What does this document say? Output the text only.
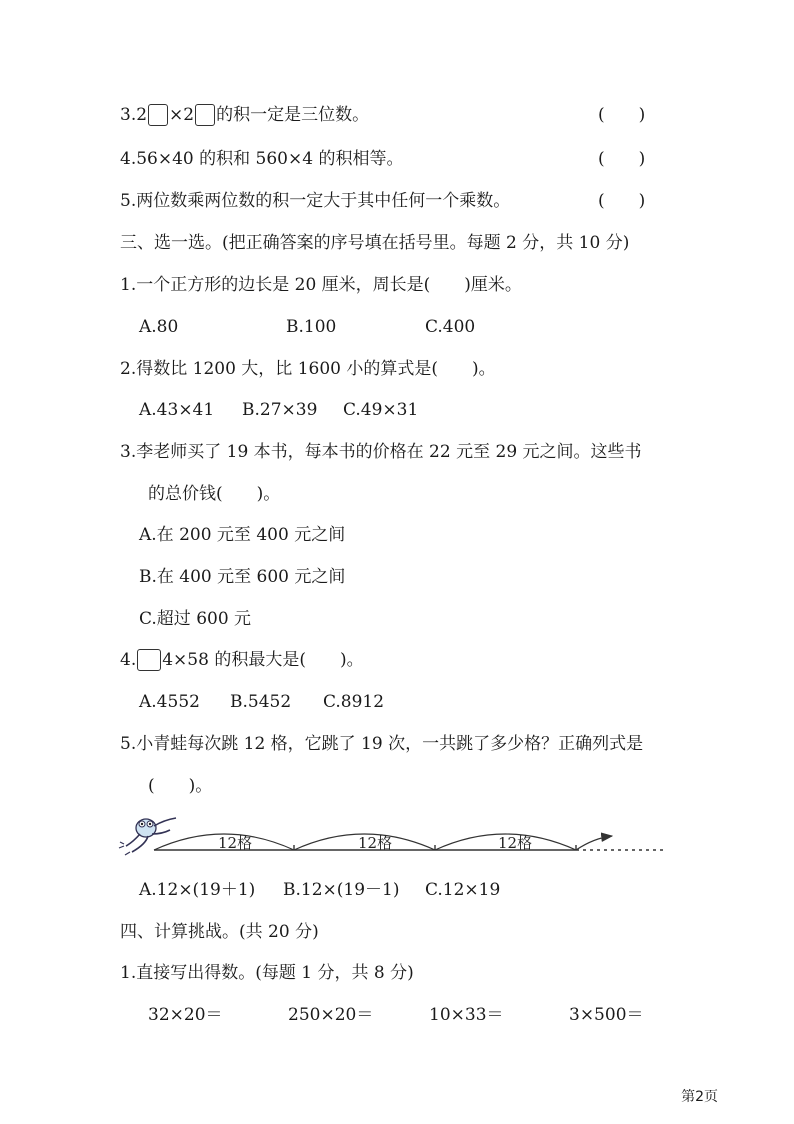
3.2 ×2 的积一定是三位数。	(　　)
4.56×40 的积和 560×4 的积相等。	(　　)
5.两位数乘两位数的积一定大于其中任何一个乘数。	(　　)
三、选一选。(把正确答案的序号填在括号里。每题 2 分，共 10 分)
1.一个正方形的边长是 20 厘米，周长是(　　)厘米。
A.80	B.100	C.400
2.得数比 1200 大，比 1600 小的算式是(　　)。
A.43×41 B.27×39 C.49×31
3.李老师买了 19 本书，每本书的价格在 22 元至 29 元之间。这些书
的总价钱(　　)。
A.在 200 元至 400 元之间
B.在 400 元至 600 元之间
C.超过 600 元
4. 4×58 的积最大是(　　)。
A.4552 B.5452 C.8912
5.小青蛙每次跳 12 格，它跳了 19 次，一共跳了多少格？正确列式是
(　　)。
12格	12格	12格
A.12×(19＋1) B.12×(19－1) C.12×19
四、计算挑战。(共 20 分)
1.直接写出得数。(每题 1 分，共 8 分)
32×20＝	250×20＝	10×33＝	3×500＝
第2页
